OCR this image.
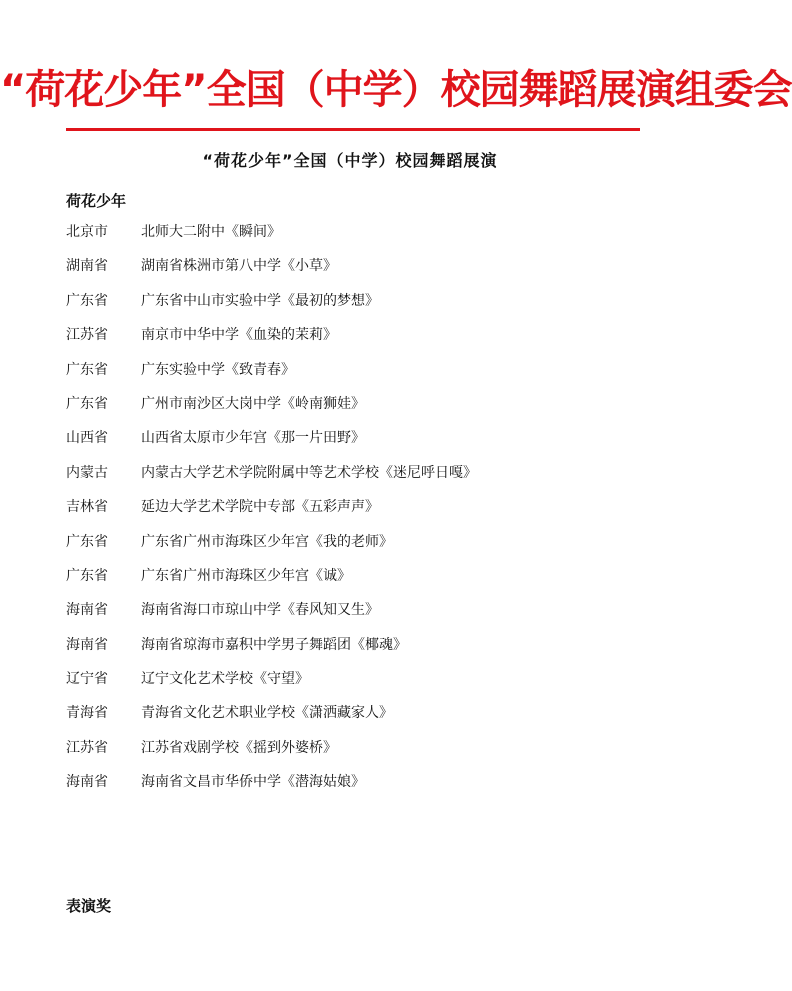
“荷花少年”全国（中学）校园舞蹈展演组委会
“荷花少年”全国（中学）校园舞蹈展演
荷花少年
北京市	北师大二附中《瞬间》
湖南省	湖南省株洲市第八中学《小草》
广东省	广东省中山市实验中学《最初的梦想》
江苏省	南京市中华中学《血染的茉莉》
广东省	广东实验中学《致青春》
广东省	广州市南沙区大岗中学《岭南狮娃》
山西省	山西省太原市少年宫《那一片田野》
内蒙古	内蒙古大学艺术学院附属中等艺术学校《迷尼呼日嘎》
吉林省	延边大学艺术学院中专部《五彩声声》
广东省	广东省广州市海珠区少年宫《我的老师》
广东省	广东省广州市海珠区少年宫《诚》
海南省	海南省海口市琼山中学《春风知又生》
海南省	海南省琼海市嘉积中学男子舞蹈团《椰魂》
辽宁省	辽宁文化艺术学校《守望》
青海省	青海省文化艺术职业学校《潇洒藏家人》
江苏省	江苏省戏剧学校《摇到外婆桥》
海南省	海南省文昌市华侨中学《潜海姑娘》
表演奖
